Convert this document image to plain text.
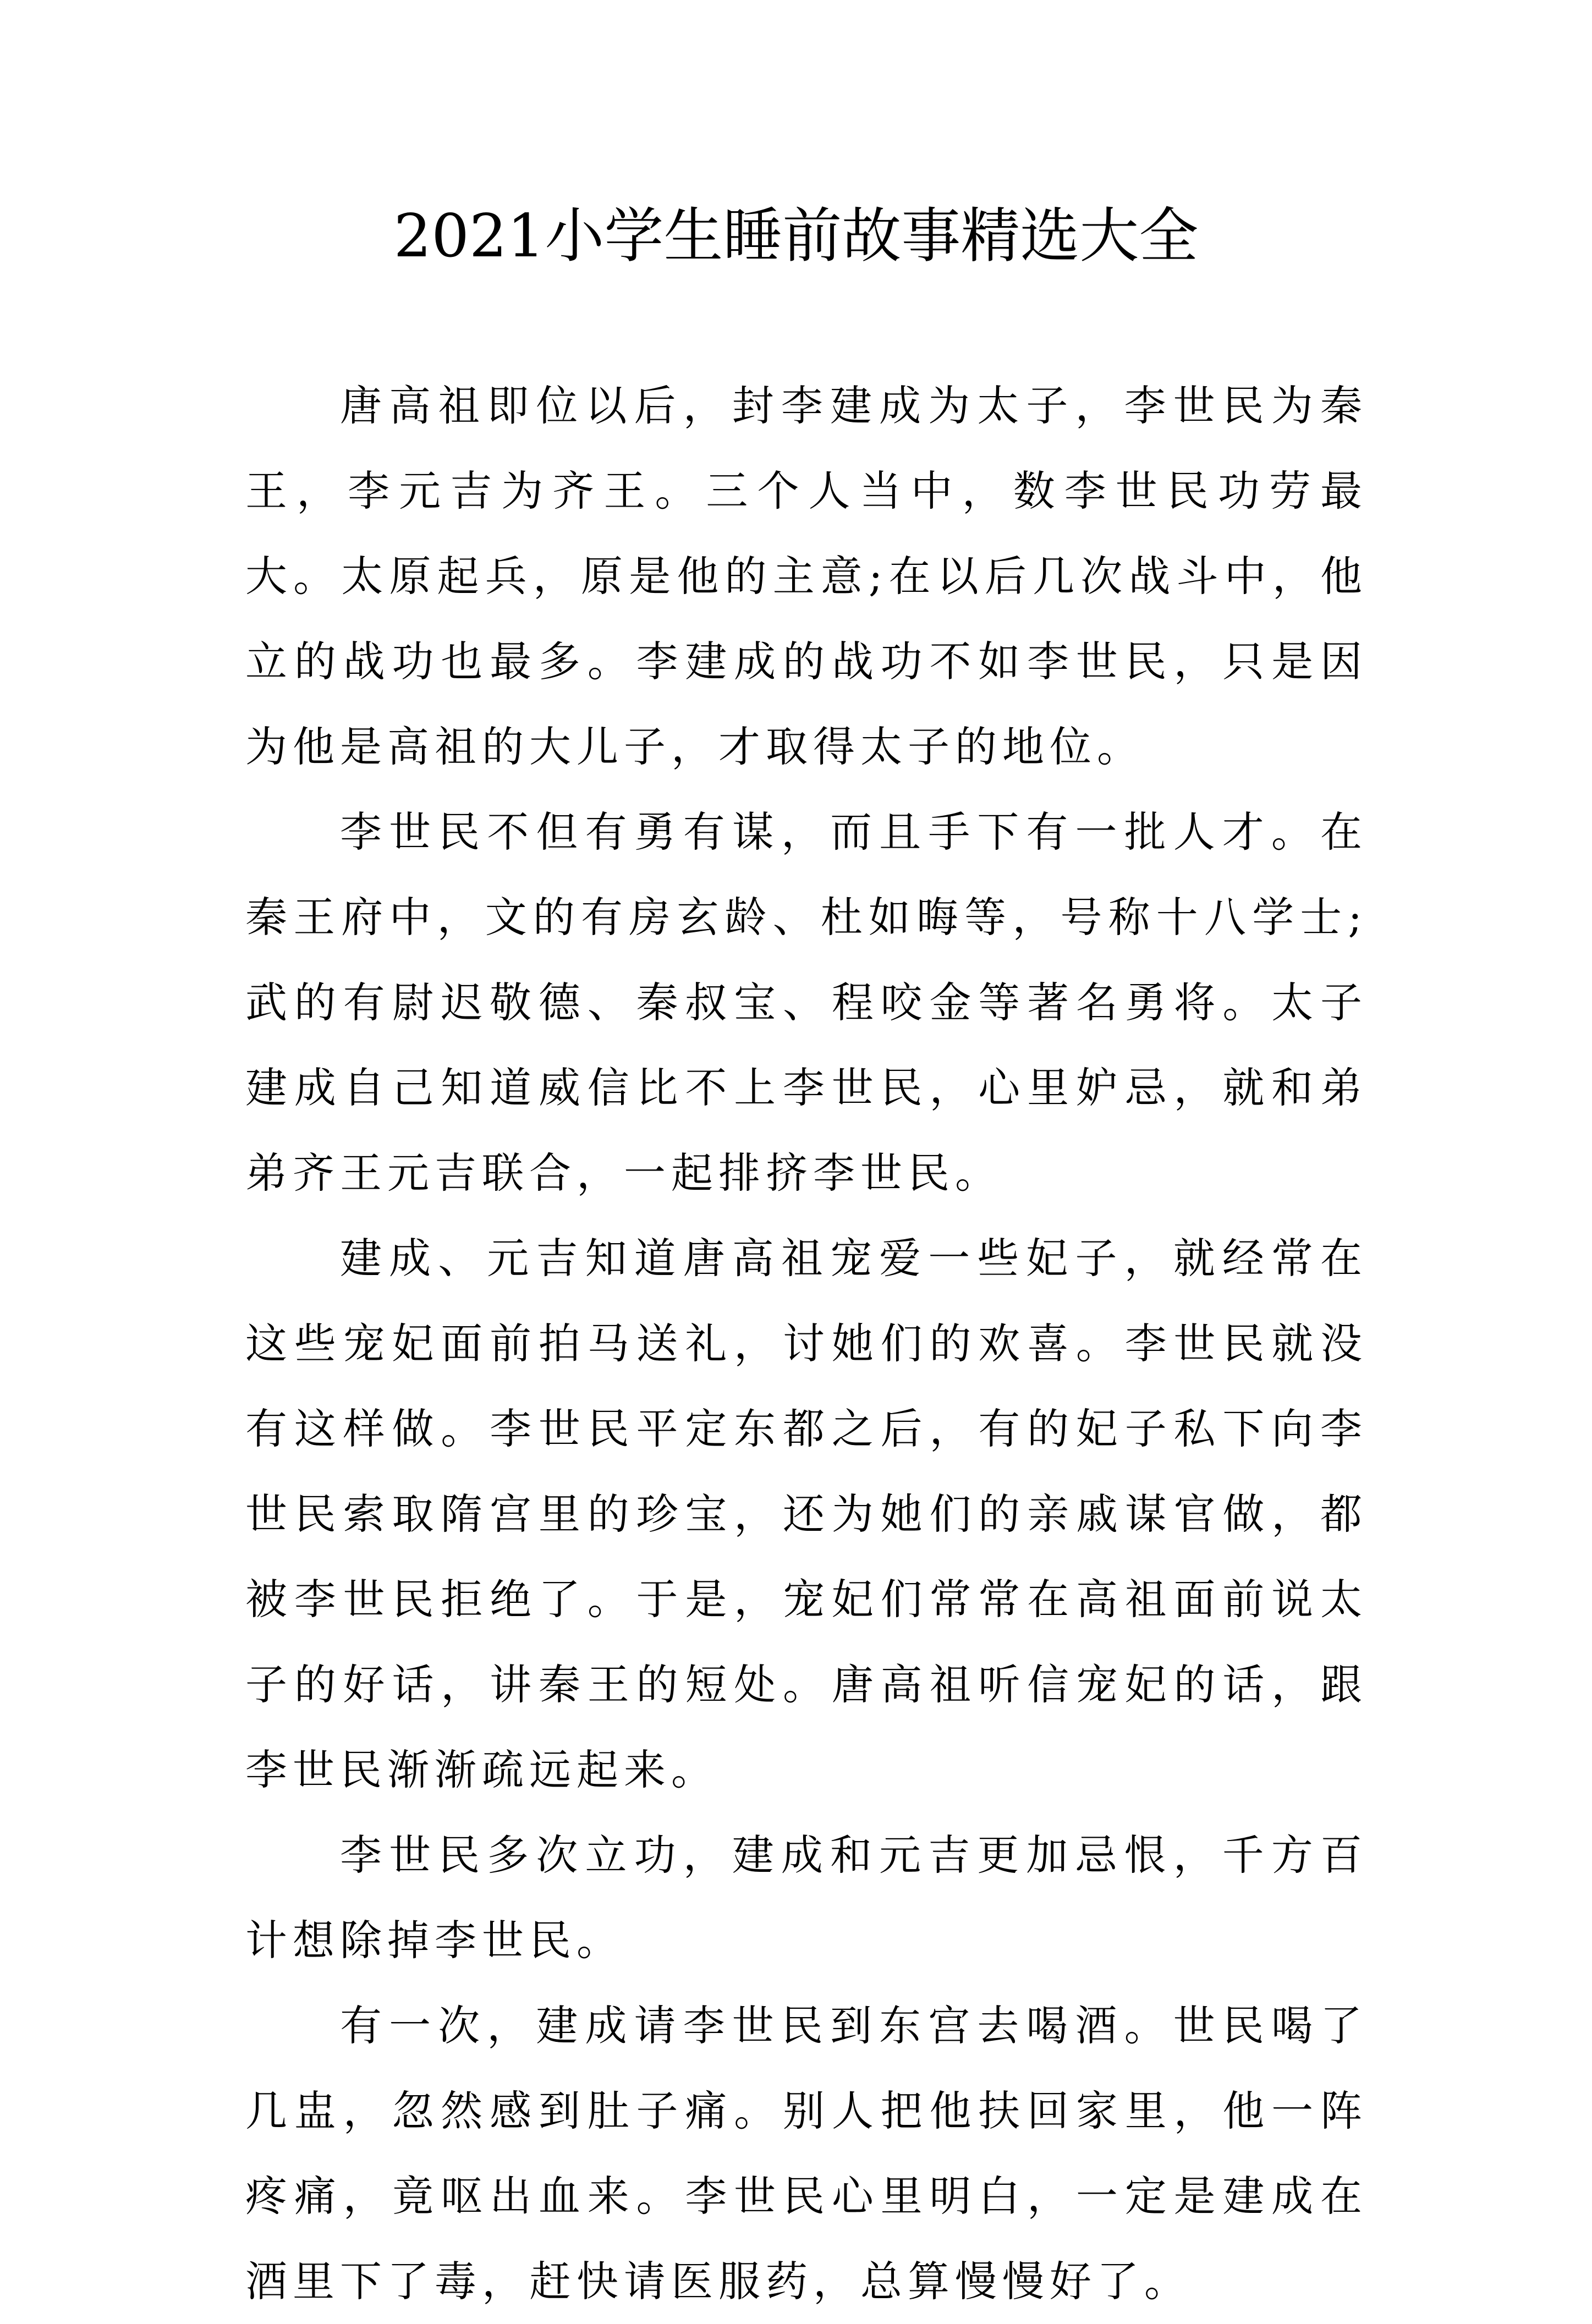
2021小学生睡前故事精选大全

唐高祖即位以后，封李建成为太子，李世民为秦王，李元吉为齐王。三个人当中，数李世民功劳最大。太原起兵，原是他的主意;在以后几次战斗中，他立的战功也最多。李建成的战功不如李世民，只是因为他是高祖的大儿子，才取得太子的地位。

李世民不但有勇有谋，而且手下有一批人才。在秦王府中，文的有房玄龄、杜如晦等，号称十八学士;武的有尉迟敬德、秦叔宝、程咬金等著名勇将。太子建成自己知道威信比不上李世民，心里妒忌，就和弟弟齐王元吉联合，一起排挤李世民。

建成、元吉知道唐高祖宠爱一些妃子，就经常在这些宠妃面前拍马送礼，讨她们的欢喜。李世民就没有这样做。李世民平定东都之后，有的妃子私下向李世民索取隋宫里的珍宝，还为她们的亲戚谋官做，都被李世民拒绝了。于是，宠妃们常常在高祖面前说太子的好话，讲秦王的短处。唐高祖听信宠妃的话，跟李世民渐渐疏远起来。

李世民多次立功，建成和元吉更加忌恨，千方百计想除掉李世民。

有一次，建成请李世民到东宫去喝酒。世民喝了几盅，忽然感到肚子痛。别人把他扶回家里，他一阵疼痛，竟呕出血来。李世民心里明白，一定是建成在酒里下了毒，赶快请医服药，总算慢慢好了。
